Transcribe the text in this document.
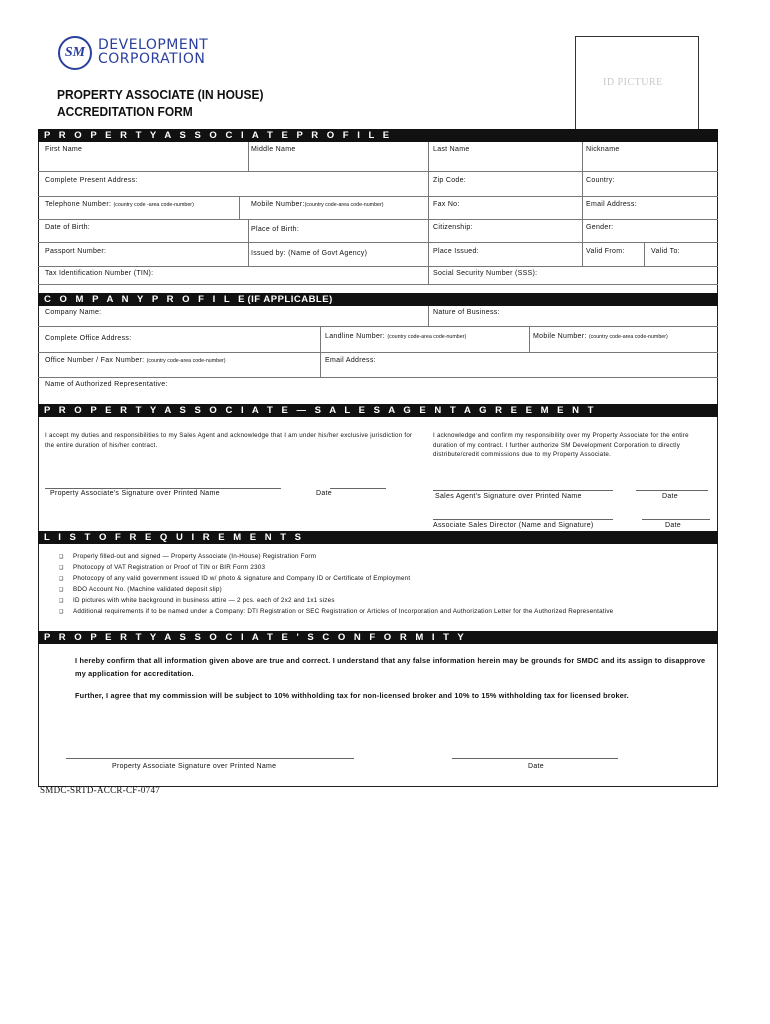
SM DEVELOPMENT
CORPORATION
ID PICTURE
PROPERTY ASSOCIATE (IN HOUSE)
ACCREDITATION FORM
P R O P E R T Y A S S O C I A T E P R O F I L E
First Name	Middle Name	Last Name	Nickname
Complete Present Address:	Zip Code:	Country:
Telephone Number: (country code -area code-number)	Mobile Number:(country code-area code-number)	Fax No:	Email Address:
Date of Birth:	Place of Birth:	Citizenship:	Gender:
Passport Number:	Issued by: (Name of Govt Agency)	Place Issued:	Valid From:	Valid To:
Tax Identification Number (TIN):	Social Security Number (SSS):
C O M P A N Y P R O F I L E(IF APPLICABLE)
Company Name:	Nature of Business:
Complete Office Address:	Landline Number: (country code-area code-number)	Mobile Number: (country code-area code-number)
Office Number / Fax Number: (country code-area code-number)	Email Address:
Name of Authorized Representative:
P R O P E R T Y A S S O C I A T E — S A L E S A G E N T A G R E E M E N T
I accept my duties and responsibilities to my Sales Agent and acknowledge that I am under his/her exclusive jurisdiction for the entire duration of his/her contract.
I acknowledge and confirm my responsibility over my Property Associate for the entire duration of my contract. I further authorize SM Development Corporation to directly distribute/credit commissions due to my Property Associate.
Property Associate's Signature over Printed Name	Date	Sales Agent's Signature over Printed Name	Date
Associate Sales Director (Name and Signature)	Date
L I S T O F R E Q U I R E M E N T S
❑ Properly filled-out and signed — Property Associate (In-House) Registration Form
❑ Photocopy of VAT Registration or Proof of TIN or BIR Form 2303
❑ Photocopy of any valid government issued ID w/ photo & signature and Company ID or Certificate of Employment
❑ BDO Account No. (Machine validated deposit slip)
❑ ID pictures with white background in business attire — 2 pcs. each of 2x2 and 1x1 sizes
❑ Additional requirements if to be named under a Company: DTI Registration or SEC Registration or Articles of Incorporation and Authorization Letter for the Authorized Representative
P R O P E R T Y A S S O C I A T E ' S C O N F O R M I T Y
I hereby confirm that all information given above are true and correct. I understand that any false information herein may be grounds for SMDC and its assign to disapprove my application for accreditation.
Further, I agree that my commission will be subject to 10% withholding tax for non-licensed broker and 10% to 15% withholding tax for licensed broker.
Property Associate Signature over Printed Name	Date
SMDC-SRTD-ACCR-CF-0747
